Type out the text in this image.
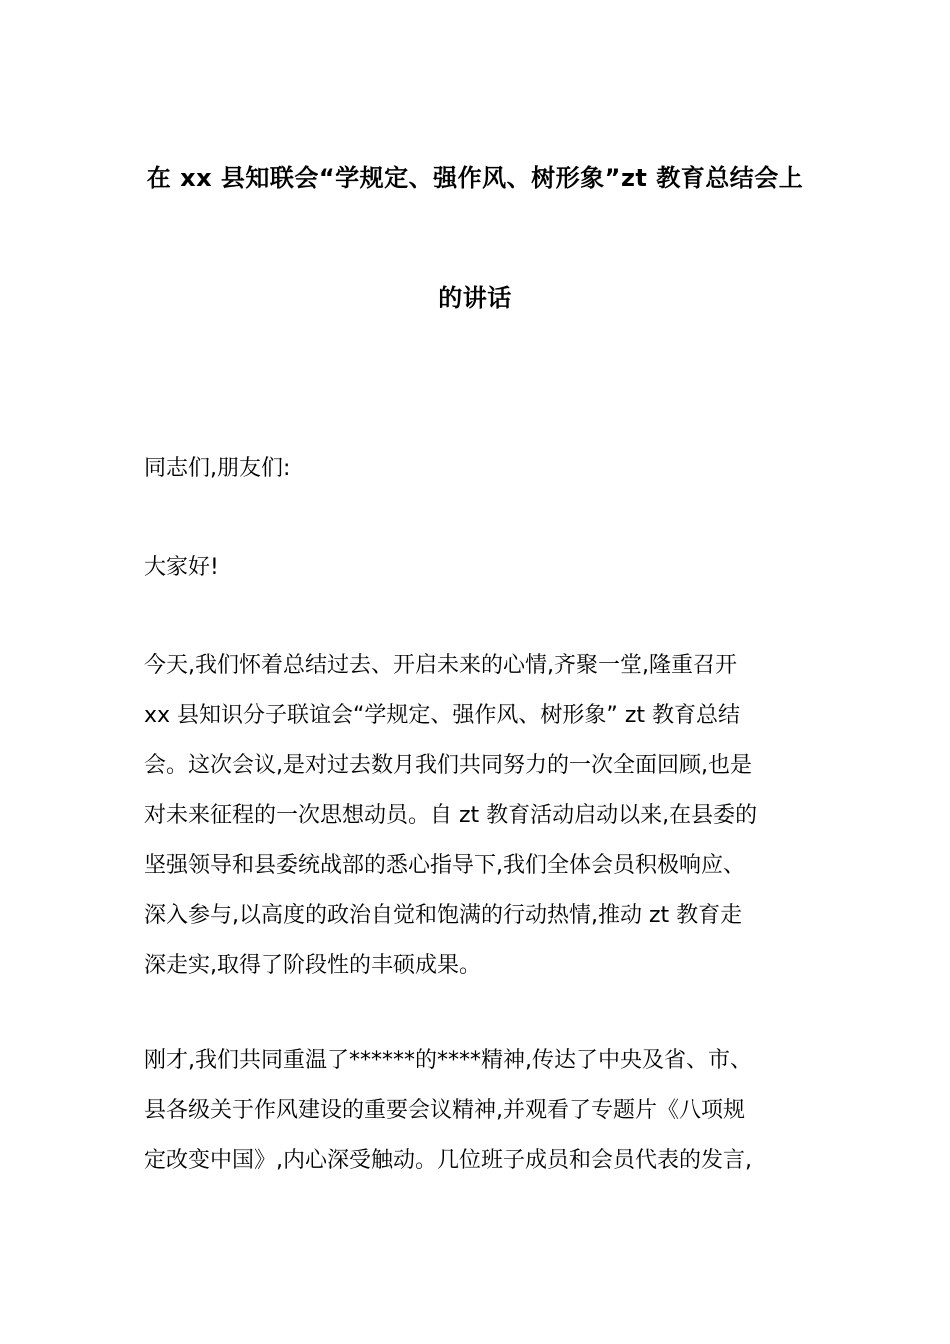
在 xx 县知联会“学规定、强作风、树形象”zt 教育总结会上
的讲话

同志们,朋友们:

大家好!

今天,我们怀着总结过去、开启未来的心情,齐聚一堂,隆重召开
xx 县知识分子联谊会“学规定、强作风、树形象” zt 教育总结
会。这次会议,是对过去数月我们共同努力的一次全面回顾,也是
对未来征程的一次思想动员。自 zt 教育活动启动以来,在县委的
坚强领导和县委统战部的悉心指导下,我们全体会员积极响应、
深入参与,以高度的政治自觉和饱满的行动热情,推动 zt 教育走
深走实,取得了阶段性的丰硕成果。

刚才,我们共同重温了******的****精神,传达了中央及省、市、
县各级关于作风建设的重要会议精神,并观看了专题片《八项规
定改变中国》,内心深受触动。几位班子成员和会员代表的发言,
